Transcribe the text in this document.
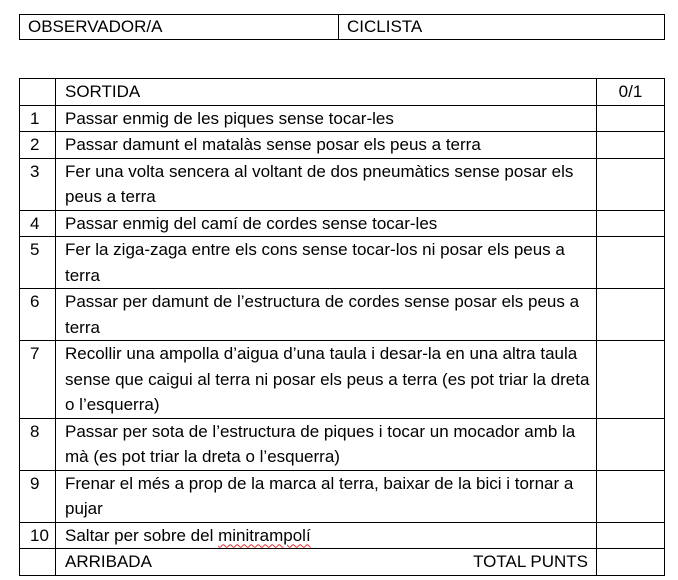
OBSERVADOR/A	CICLISTA
	SORTIDA	0/1
1	Passar enmig de les piques sense tocar-les	
2	Passar damunt el matalàs sense posar els peus a terra	
3	Fer una volta sencera al voltant de dos pneumàtics sense posar els peus a terra	
4	Passar enmig del camí de cordes sense tocar-les	
5	Fer la ziga-zaga entre els cons sense tocar-los ni posar els peus a terra	
6	Passar per damunt de l’estructura de cordes sense posar els peus a terra	
7	Recollir una ampolla d’aigua d’una taula i desar-la en una altra taula sense que caigui al terra ni posar els peus a terra (es pot triar la dreta o l’esquerra)	
8	Passar per sota de l’estructura de piques i tocar un mocador amb la mà (es pot triar la dreta o l’esquerra)	
9	Frenar el més a prop de la marca al terra, baixar de la bici i tornar a pujar	
10	Saltar per sobre del minitrampolí	

	ARRIBADA TOTAL PUNTS	
